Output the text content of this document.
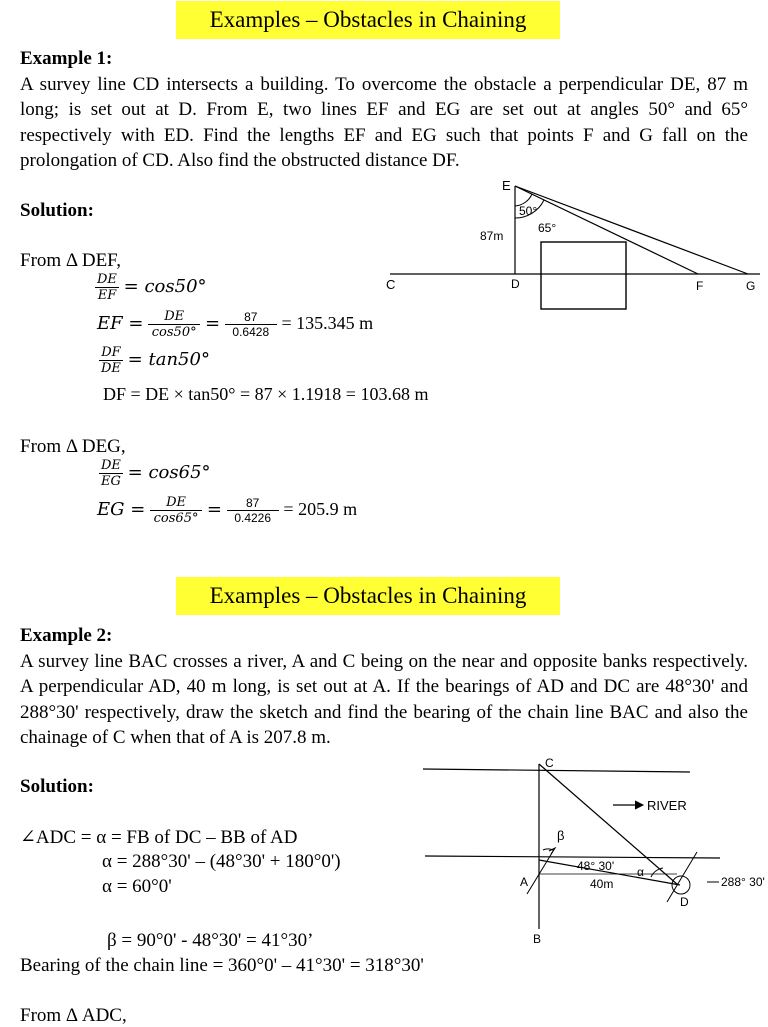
Examples – Obstacles in Chaining

Example 1:

A survey line CD intersects a building. To overcome the obstacle a perpendicular DE, 87 m long; is set out at D. From E, two lines EF and EG are set out at angles 50° and 65° respectively with ED. Find the lengths EF and EG such that points F and G fall on the prolongation of CD. Also find the obstructed distance DF.

Solution:
E
D
C	F	G
87m
50°
65°
From Δ DEF,
$\frac{DE}{EF} = \cos 50^\circ$
EF = $\frac{DE}{\cos 50^\circ} = \frac{87}{0.6428} = 135.345$ m
$\frac{DF}{DE} = \tan 50^\circ$
DF = DE × tan50° = 87 × 1.1918 = 103.68 m
From Δ DEG,
$\frac{DE}{EG} = \cos 65^\circ$
EG = $\frac{DE}{\cos 65^\circ} = \frac{87}{0.4226} = 205.9$ m
Examples – Obstacles in Chaining

Example 2:

A survey line BAC crosses a river, A and C being on the near and opposite banks respectively. A perpendicular AD, 40 m long, is set out at A. If the bearings of AD and DC are 48°30' and 288°30' respectively, draw the sketch and find the bearing of the chain line BAC and also the chainage of C when that of A is 207.8 m.

Solution:
C
A
B
D
RIVER
β
α
48° 30'
40m	288° 30'
∠ADC = α = FB of DC – BB of AD
α = 288°30' – (48°30' + 180°0')
α = 60°0'
β = 90°0' - 48°30' = 41°30’
Bearing of the chain line = 360°0' – 41°30' = 318°30'
From Δ ADC,
